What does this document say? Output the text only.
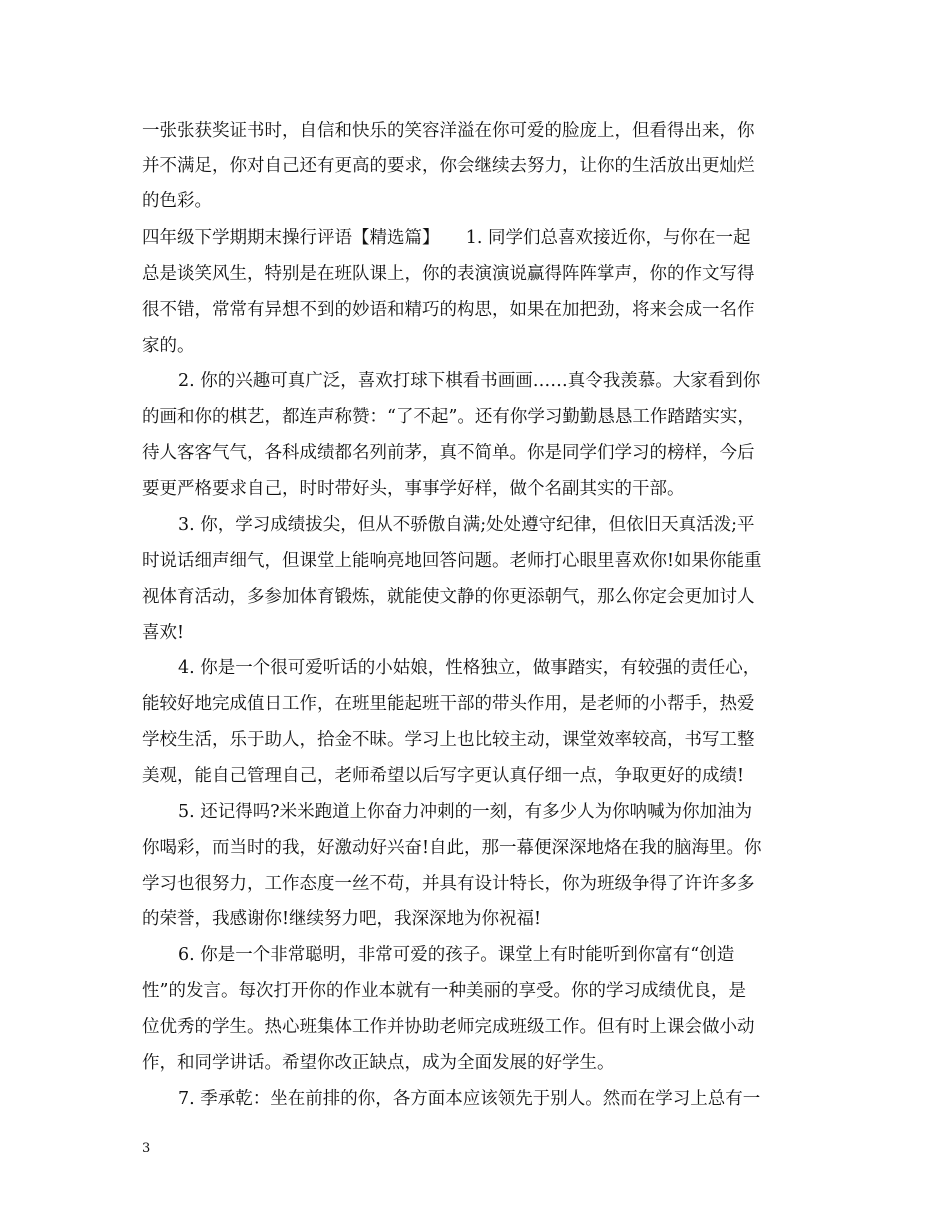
一张张获奖证书时，自信和快乐的笑容洋溢在你可爱的脸庞上，但看得出来，你
并不满足，你对自己还有更高的要求，你会继续去努力，让你的生活放出更灿烂
的色彩。
四年级下学期期末操行评语【精选篇】　　1. 同学们总喜欢接近你，与你在一起
总是谈笑风生，特别是在班队课上，你的表演演说赢得阵阵掌声，你的作文写得
很不错，常常有异想不到的妙语和精巧的构思，如果在加把劲，将来会成一名作
家的。
2. 你的兴趣可真广泛，喜欢打球下棋看书画画……真令我羡慕。大家看到你
的画和你的棋艺，都连声称赞：“了不起”。还有你学习勤勤恳恳工作踏踏实实，
待人客客气气，各科成绩都名列前茅，真不简单。你是同学们学习的榜样，今后
要更严格要求自己，时时带好头，事事学好样，做个名副其实的干部。
3. 你，学习成绩拔尖，但从不骄傲自满;处处遵守纪律，但依旧天真活泼;平
时说话细声细气，但课堂上能响亮地回答问题。老师打心眼里喜欢你!如果你能重
视体育活动，多参加体育锻炼，就能使文静的你更添朝气，那么你定会更加讨人
喜欢!
4. 你是一个很可爱听话的小姑娘，性格独立，做事踏实，有较强的责任心，
能较好地完成值日工作，在班里能起班干部的带头作用，是老师的小帮手，热爱
学校生活，乐于助人，拾金不昧。学习上也比较主动，课堂效率较高，书写工整
美观，能自己管理自己，老师希望以后写字更认真仔细一点，争取更好的成绩!
5. 还记得吗?米米跑道上你奋力冲刺的一刻，有多少人为你呐喊为你加油为
你喝彩，而当时的我，好激动好兴奋!自此，那一幕便深深地烙在我的脑海里。你
学习也很努力，工作态度一丝不苟，并具有设计特长，你为班级争得了许许多多
的荣誉，我感谢你!继续努力吧，我深深地为你祝福!
6. 你是一个非常聪明，非常可爱的孩子。课堂上有时能听到你富有“创造
性”的发言。每次打开你的作业本就有一种美丽的享受。你的学习成绩优良，是
位优秀的学生。热心班集体工作并协助老师完成班级工作。但有时上课会做小动
作，和同学讲话。希望你改正缺点，成为全面发展的好学生。
7. 季承乾：坐在前排的你，各方面本应该领先于别人。然而在学习上总有一
3
